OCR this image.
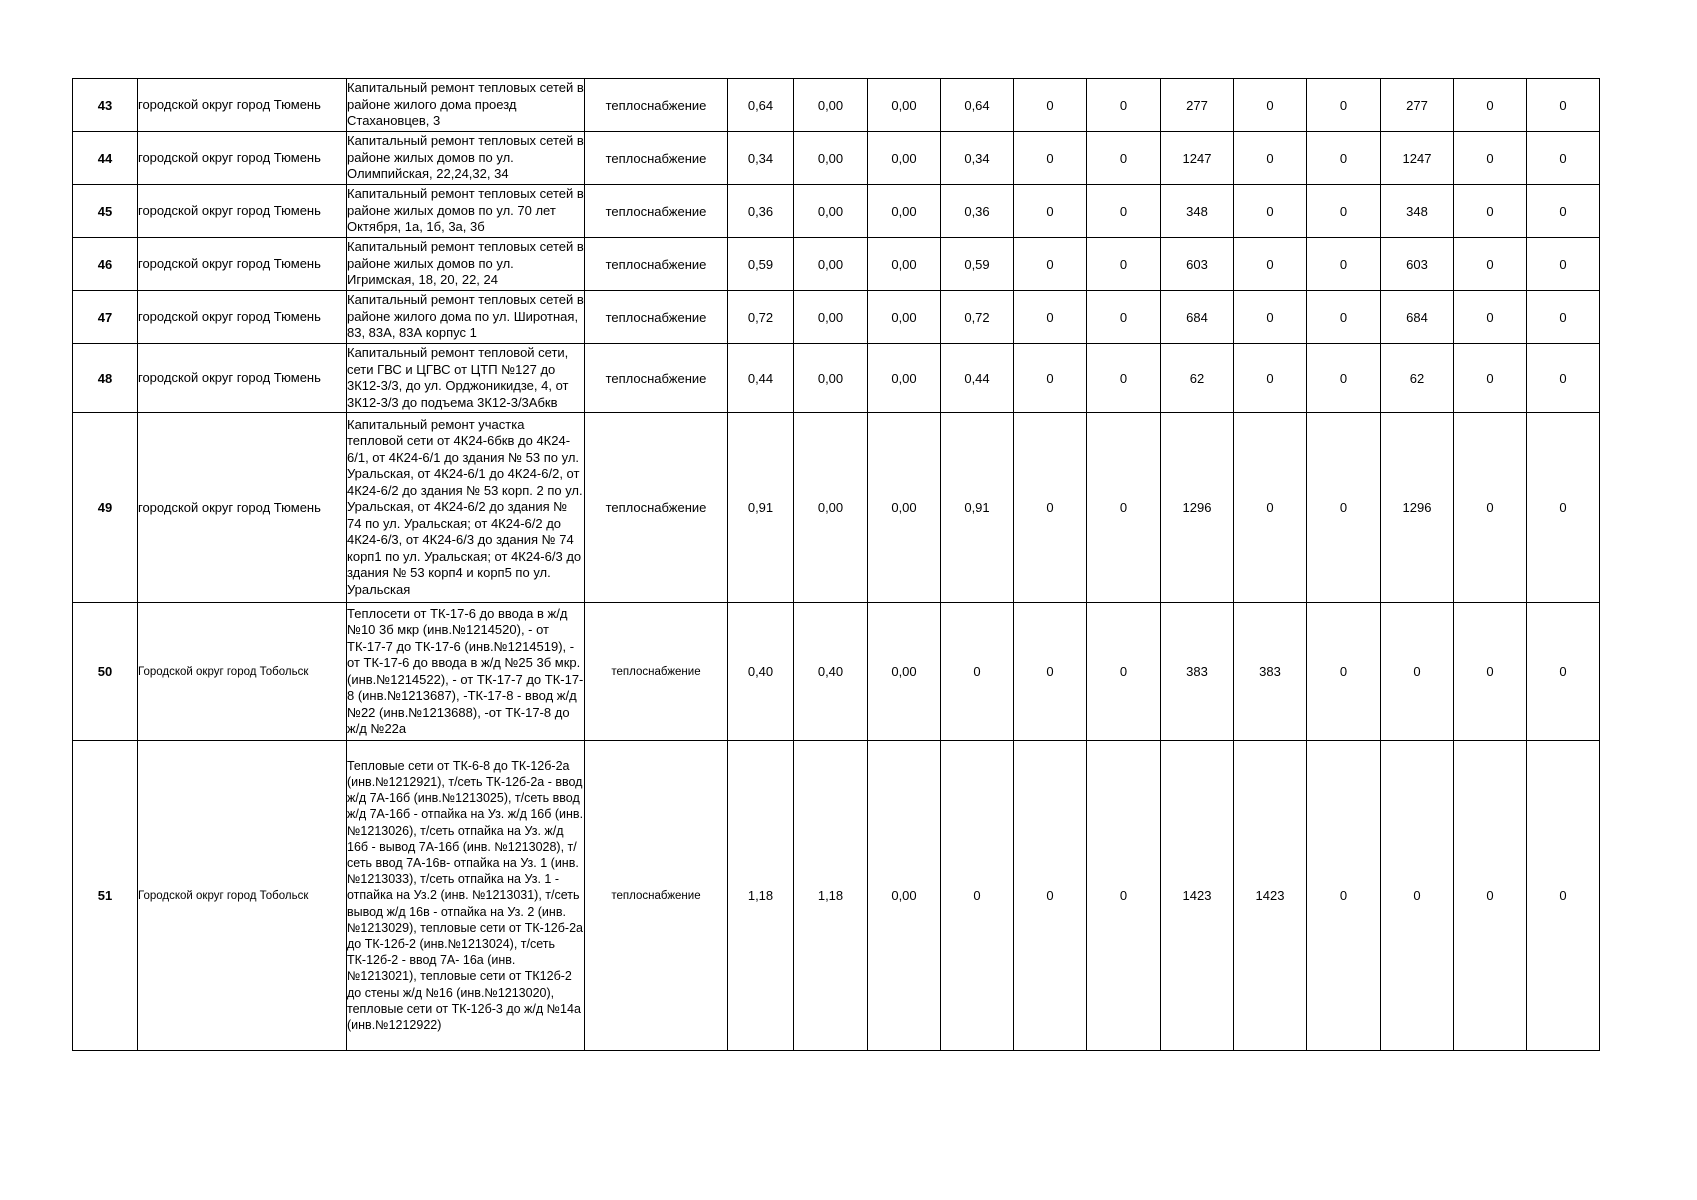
43	городской округ город Тюмень	Капитальный ремонт тепловых сетей в районе жилого дома проезд Стахановцев, 3	теплоснабжение	0,64	0,00	0,00	0,64	0	0	277	0	0	277	0	0
44	городской округ город Тюмень	Капитальный ремонт тепловых сетей в районе жилых домов по ул. Олимпийская, 22,24,32, 34	теплоснабжение	0,34	0,00	0,00	0,34	0	0	1247	0	0	1247	0	0
45	городской округ город Тюмень	Капитальный ремонт тепловых сетей в районе жилых домов по ул. 70 лет Октября, 1а, 1б, 3а, 3б	теплоснабжение	0,36	0,00	0,00	0,36	0	0	348	0	0	348	0	0
46	городской округ город Тюмень	Капитальный ремонт тепловых сетей в районе жилых домов по ул. Игримская, 18, 20, 22, 24	теплоснабжение	0,59	0,00	0,00	0,59	0	0	603	0	0	603	0	0
47	городской округ город Тюмень	Капитальный ремонт тепловых сетей в районе жилого дома по ул. Широтная, 83, 83А, 83А корпус 1	теплоснабжение	0,72	0,00	0,00	0,72	0	0	684	0	0	684	0	0
48	городской округ город Тюмень	Капитальный ремонт тепловой сети, сети ГВС и ЦГВС от ЦТП №127 до 3К12-3/3, до ул. Орджоникидзе, 4, от 3К12-3/3 до подъема 3К12-3/3Абкв	теплоснабжение	0,44	0,00	0,00	0,44	0	0	62	0	0	62	0	0
49	городской округ город Тюмень	Капитальный ремонт участка тепловой сети от 4К24-6бкв до 4К24-6/1, от 4К24-6/1 до здания № 53 по ул. Уральская, от 4К24-6/1 до 4К24-6/2, от 4К24-6/2 до здания № 53 корп. 2 по ул. Уральская, от 4К24-6/2 до здания № 74 по ул. Уральская; от 4К24-6/2 до 4К24-6/3, от 4К24-6/3 до здания № 74 корп1 по ул. Уральская; от 4К24-6/3 до здания № 53 корп4 и корп5 по ул. Уральская	теплоснабжение	0,91	0,00	0,00	0,91	0	0	1296	0	0	1296	0	0
50	Городской округ город Тобольск	Теплосети от ТК-17-6 до ввода в ж/д №10 3б мкр (инв.№1214520), - от ТК-17-7 до ТК-17-6 (инв.№1214519), - от ТК-17-6 до ввода в ж/д №25 3б мкр. (инв.№1214522), - от ТК-17-7 до ТК-17-8 (инв.№1213687), -ТК-17-8 - ввод ж/д №22 (инв.№1213688), -от ТК-17-8 до ж/д №22а	теплоснабжение	0,40	0,40	0,00	0	0	0	383	383	0	0	0	0
51	Городской округ город Тобольск	Тепловые сети от ТК-6-8 до ТК-12б-2а (инв.№1212921), т/сеть ТК-12б-2а - ввод ж/д 7А-16б (инв.№1213025), т/сеть ввод ж/д 7А-16б - отпайка на Уз. ж/д 16б (инв.№1213026), т/сеть отпайка на Уз. ж/д 16б - вывод 7А-16б (инв. №1213028), т/сеть ввод 7А-16в- отпайка на Уз. 1 (инв.№1213033), т/сеть отпайка на Уз. 1 - отпайка на Уз.2 (инв. №1213031), т/сеть вывод ж/д 16в - отпайка на Уз. 2 (инв.№1213029), тепловые сети от ТК-12б-2а до ТК-12б-2 (инв.№1213024), т/сеть ТК-12б-2 - ввод 7А- 16а (инв.№1213021), тепловые сети от ТК12б-2 до стены ж/д №16 (инв.№1213020), тепловые сети от ТК-12б-3 до ж/д №14а (инв.№1212922)	теплоснабжение	1,18	1,18	0,00	0	0	0	1423	1423	0	0	0	0
